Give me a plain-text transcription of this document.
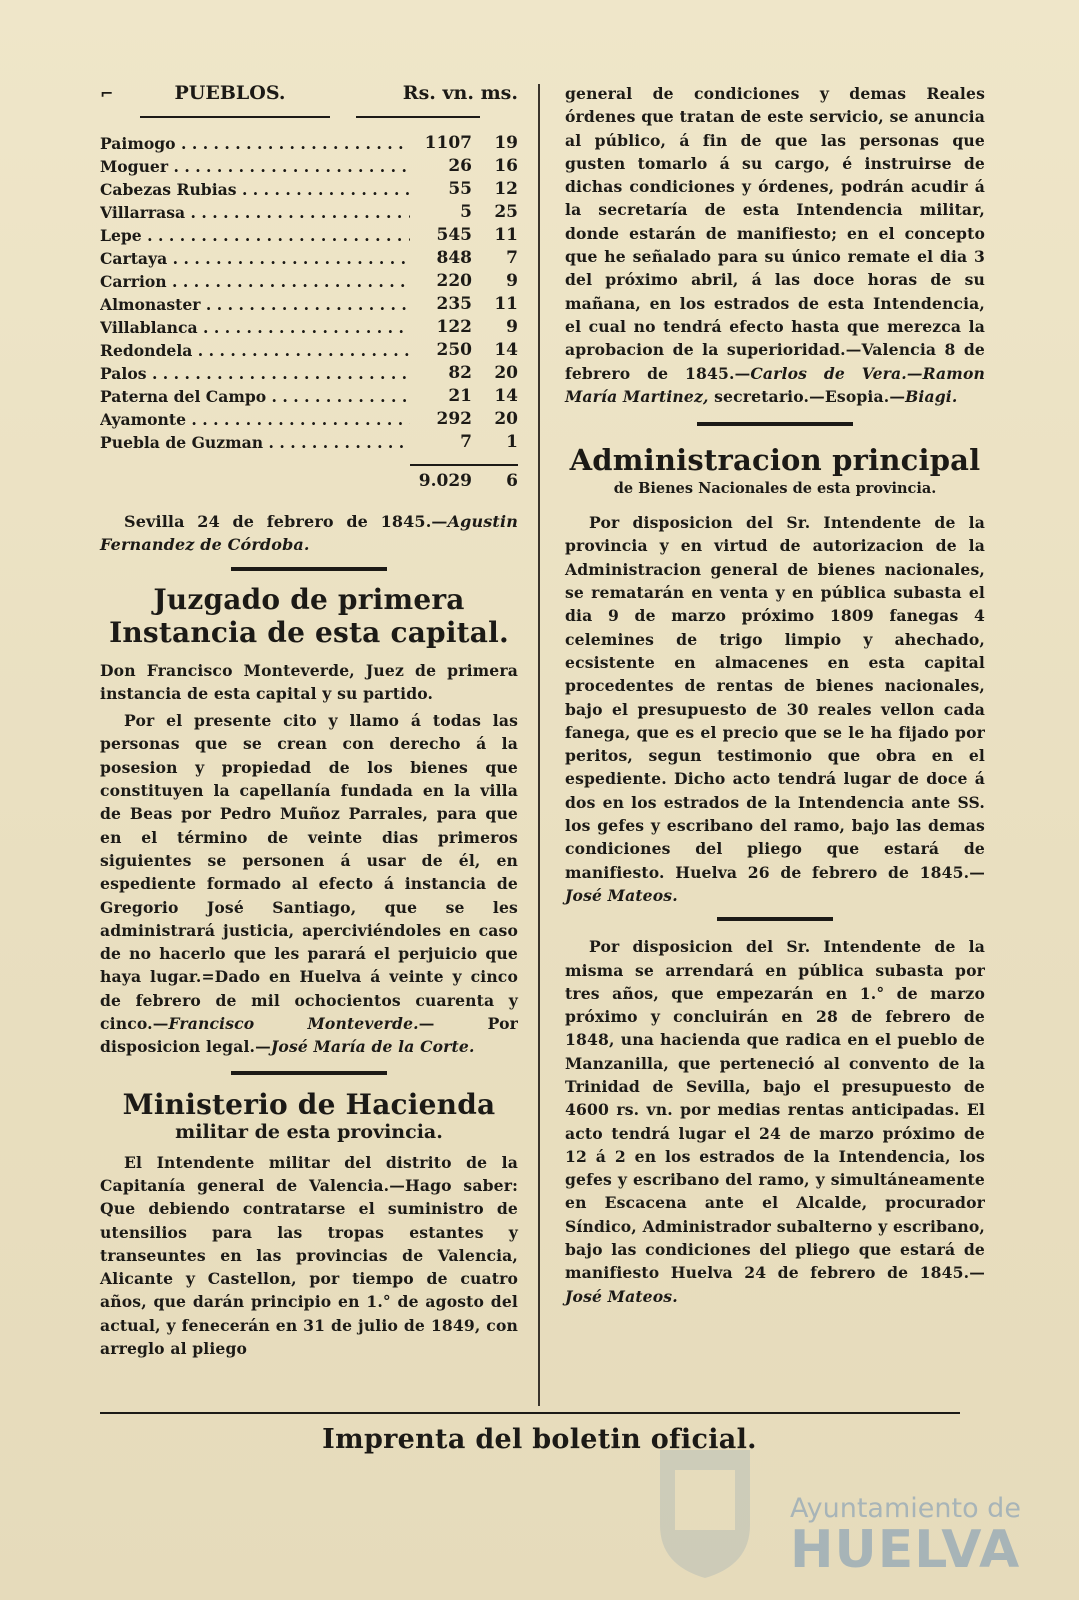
⌐	PUEBLOS.	Rs. vn. ms.
Paimogo . . .	1107	19
Moguer . . .	26	16
Cabezas Rubias . . .	55	12
Villarrasa . . .	5	25
Lepe . . .	545	11
Cartaya . . .	848	7
Carrion . . .	220	9
Almonaster . . .	235	11
Villablanca . . .	122	9
Redondela . . .	250	14
Palos . . .	82	20
Paterna del Campo . . .	21	14
Ayamonte . . .	292	20
Puebla de Guzman . . .	7	1
9.029	6

Sevilla 24 de febrero de 1845.—Agustin Fernandez de Córdoba.

Juzgado de primera Instancia de esta capital.

Don Francisco Monteverde, Juez de primera instancia de esta capital y su partido.

Por el presente cito y llamo á todas las personas que se crean con derecho á la posesion y propiedad de los bienes que constituyen la capellanía fundada en la villa de Beas por Pedro Muñoz Parrales, para que en el término de veinte dias primeros siguientes se personen á usar de él, en espediente formado al efecto á instancia de Gregorio José Santiago, que se les administrará justicia, aperciviéndoles en caso de no hacerlo que les parará el perjuicio que haya lugar.=Dado en Huelva á veinte y cinco de febrero de mil ochocientos cuarenta y cinco.—Francisco Monteverde.— Por disposicion legal.—José María de la Corte.

Ministerio de Hacienda

militar de esta provincia.

El Intendente militar del distrito de la Capitanía general de Valencia.—Hago saber: Que debiendo contratarse el suministro de utensilios para las tropas estantes y transeuntes en las provincias de Valencia, Alicante y Castellon, por tiempo de cuatro años, que darán principio en 1.° de agosto del actual, y fenecerán en 31 de julio de 1849, con arreglo al pliego

general de condiciones y demas Reales órdenes que tratan de este servicio, se anuncia al público, á fin de que las personas que gusten tomarlo á su cargo, é instruirse de dichas condiciones y órdenes, podrán acudir á la secretaría de esta Intendencia militar, donde estarán de manifiesto; en el concepto que he señalado para su único remate el dia 3 del próximo abril, á las doce horas de su mañana, en los estrados de esta Intendencia, el cual no tendrá efecto hasta que merezca la aprobacion de la superioridad.—Valencia 8 de febrero de 1845.—Carlos de Vera.—Ramon María Martinez, secretario.—Esopia.—Biagi.

Administracion principal

de Bienes Nacionales de esta provincia.

Por disposicion del Sr. Intendente de la provincia y en virtud de autorizacion de la Administracion general de bienes nacionales, se rematarán en venta y en pública subasta el dia 9 de marzo próximo 1809 fanegas 4 celemines de trigo limpio y ahechado, ecsistente en almacenes en esta capital procedentes de rentas de bienes nacionales, bajo el presupuesto de 30 reales vellon cada fanega, que es el precio que se le ha fijado por peritos, segun testimonio que obra en el espediente. Dicho acto tendrá lugar de doce á dos en los estrados de la Intendencia ante SS. los gefes y escribano del ramo, bajo las demas condiciones del pliego que estará de manifiesto. Huelva 26 de febrero de 1845.—José Mateos.

Por disposicion del Sr. Intendente de la misma se arrendará en pública subasta por tres años, que empezarán en 1.° de marzo próximo y concluirán en 28 de febrero de 1848, una hacienda que radica en el pueblo de Manzanilla, que perteneció al convento de la Trinidad de Sevilla, bajo el presupuesto de 4600 rs. vn. por medias rentas anticipadas. El acto tendrá lugar el 24 de marzo próximo de 12 á 2 en los estrados de la Intendencia, los gefes y escribano del ramo, y simultáneamente en Escacena ante el Alcalde, procurador Síndico, Administrador subalterno y escribano, bajo las condiciones del pliego que estará de manifiesto Huelva 24 de febrero de 1845.—José Mateos.

Imprenta del boletin oficial.
Ayuntamiento de
HUELVA
